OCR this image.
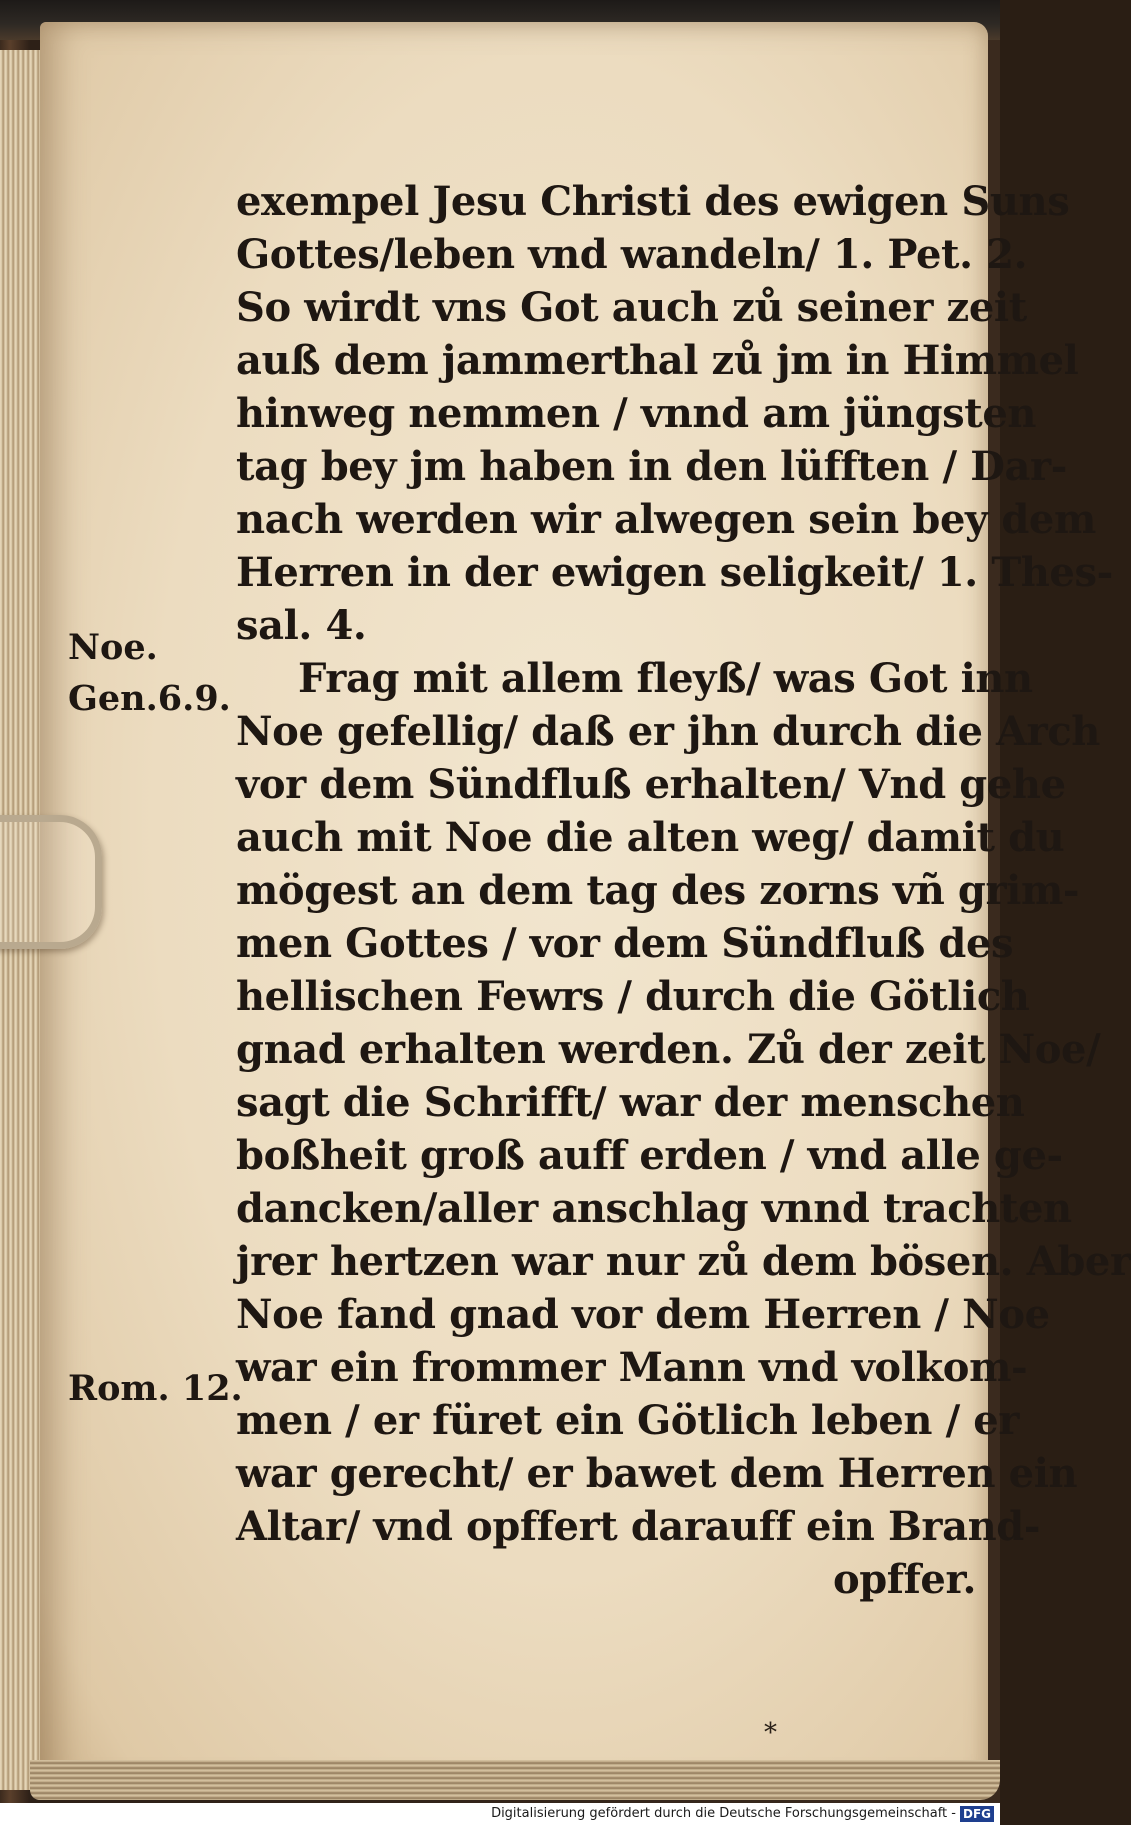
exempel Jesu Christi des ewigen Suns
Gottes/leben vnd wandeln/ 1. Pet. 2.
So wirdt vns Got auch zů seiner zeit
auß dem jammerthal zů jm in Himmel
hinweg nemmen / vnnd am jüngsten
tag bey jm haben in den lüfften / Dar-
nach werden wir alwegen sein bey dem
Herren in der ewigen seligkeit/ 1. Thes-
sal. 4.
Frag mit allem fleyß/ was Got inn
Noe gefellig/ daß er jhn durch die Arch
vor dem Sündfluß erhalten/ Vnd gehe
auch mit Noe die alten weg/ damit du
mögest an dem tag des zorns vñ grim-
men Gottes / vor dem Sündfluß des
hellischen Fewrs / durch die Götlich
gnad erhalten werden. Zů der zeit Noe/
sagt die Schrifft/ war der menschen
boßheit groß auff erden / vnd alle ge-
dancken/aller anschlag vnnd trachten
jrer hertzen war nur zů dem bösen. Aber
Noe fand gnad vor dem Herren / Noe
war ein frommer Mann vnd volkom-
men / er füret ein Götlich leben / er
war gerecht/ er bawet dem Herren ein
Altar/ vnd opffert darauff ein Brand-
opffer.
Noe.
Gen.6.9.
Rom. 12.
*
Digitalisierung gefördert durch die Deutsche Forschungsgemeinschaft - DFG
